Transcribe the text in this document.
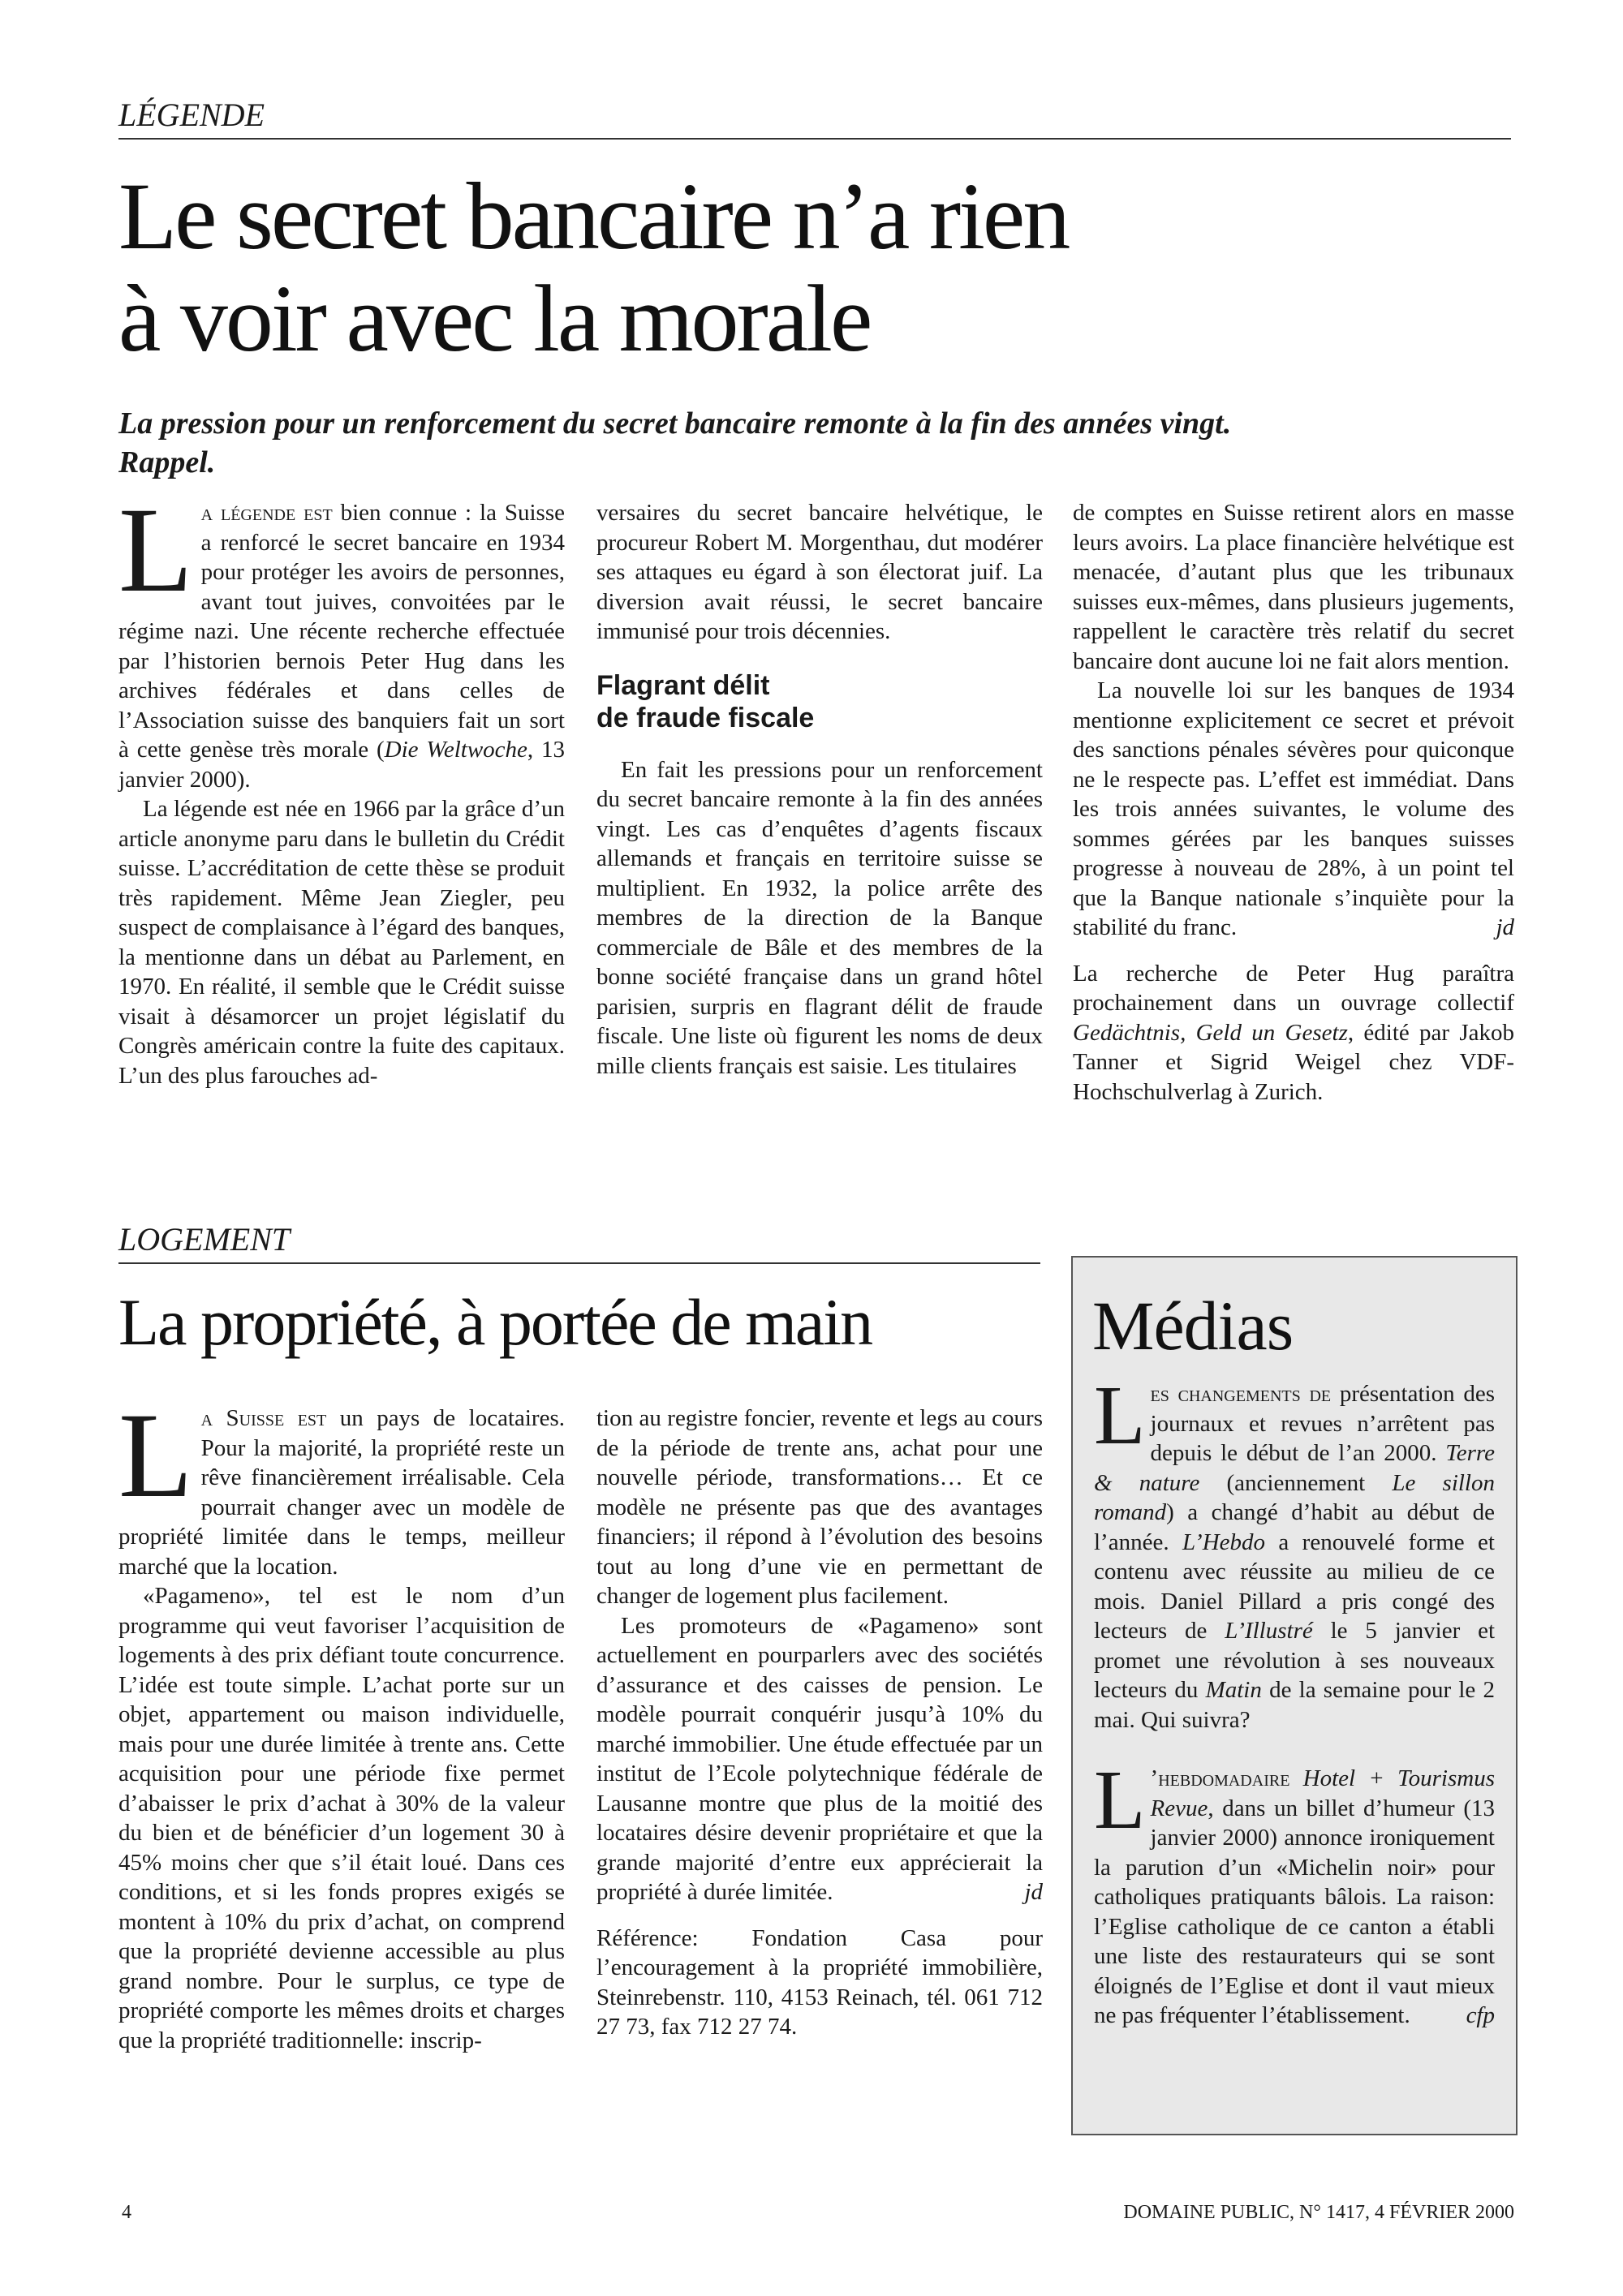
LÉGENDE
Le secret bancaire n’a rien
à voir avec la morale
La pression pour un renforcement du secret bancaire remonte à la fin des années vingt. Rappel.

La légende est bien connue : la Suisse a renforcé le secret bancaire en 1934 pour protéger les avoirs de personnes, avant tout juives, convoitées par le régime nazi. Une récente recherche effectuée par l’historien bernois Peter Hug dans les archives fédérales et dans celles de l’Association suisse des banquiers fait un sort à cette genèse très morale (Die Weltwoche, 13 janvier 2000).

La légende est née en 1966 par la grâce d’un article anonyme paru dans le bulletin du Crédit suisse. L’accréditation de cette thèse se produit très rapidement. Même Jean Ziegler, peu suspect de complaisance à l’égard des banques, la mentionne dans un débat au Parlement, en 1970. En réalité, il semble que le Crédit suisse visait à désamorcer un projet législatif du Congrès américain contre la fuite des capitaux. L’un des plus farouches ad-

versaires du secret bancaire helvétique, le procureur Robert M. Morgenthau, dut modérer ses attaques eu égard à son électorat juif. La diversion avait réussi, le secret bancaire immunisé pour trois décennies.

Flagrant délit
de fraude fiscale

En fait les pressions pour un renforcement du secret bancaire remonte à la fin des années vingt. Les cas d’enquêtes d’agents fiscaux allemands et français en territoire suisse se multiplient. En 1932, la police arrête des membres de la direction de la Banque commerciale de Bâle et des membres de la bonne société française dans un grand hôtel parisien, surpris en flagrant délit de fraude fiscale. Une liste où figurent les noms de deux mille clients français est saisie. Les titulaires

de comptes en Suisse retirent alors en masse leurs avoirs. La place financière helvétique est menacée, d’autant plus que les tribunaux suisses eux-mêmes, dans plusieurs jugements, rappellent le caractère très relatif du secret bancaire dont aucune loi ne fait alors mention.

La nouvelle loi sur les banques de 1934 mentionne explicitement ce secret et prévoit des sanctions pénales sévères pour quiconque ne le respecte pas. L’effet est immédiat. Dans les trois années suivantes, le volume des sommes gérées par les banques suisses progresse à nouveau de 28%, à un point tel que la Banque nationale s’inquiète pour la stabilité du franc.	jd

La recherche de Peter Hug paraîtra prochainement dans un ouvrage collectif Gedächtnis, Geld un Gesetz, édité par Jakob Tanner et Sigrid Weigel chez VDF-Hochschulverlag à Zurich.

LOGEMENT
La propriété, à portée de main

La Suisse est un pays de locataires. Pour la majorité, la propriété reste un rêve financièrement irréalisable. Cela pourrait changer avec un modèle de propriété limitée dans le temps, meilleur marché que la location.

«Pagameno», tel est le nom d’un programme qui veut favoriser l’acquisition de logements à des prix défiant toute concurrence. L’idée est toute simple. L’achat porte sur un objet, appartement ou maison individuelle, mais pour une durée limitée à trente ans. Cette acquisition pour une période fixe permet d’abaisser le prix d’achat à 30% de la valeur du bien et de bénéficier d’un logement 30 à 45% moins cher que s’il était loué. Dans ces conditions, et si les fonds propres exigés se montent à 10% du prix d’achat, on comprend que la propriété devienne accessible au plus grand nombre. Pour le surplus, ce type de propriété comporte les mêmes droits et charges que la propriété traditionnelle: inscrip-

tion au registre foncier, revente et legs au cours de la période de trente ans, achat pour une nouvelle période, transformations… Et ce modèle ne présente pas que des avantages financiers; il répond à l’évolution des besoins tout au long d’une vie en permettant de changer de logement plus facilement.

Les promoteurs de «Pagameno» sont actuellement en pourparlers avec des sociétés d’assurance et des caisses de pension. Le modèle pourrait conquérir jusqu’à 10% du marché immobilier. Une étude effectuée par un institut de l’Ecole polytechnique fédérale de Lausanne montre que plus de la moitié des locataires désire devenir propriétaire et que la grande majorité d’entre eux apprécierait la propriété à durée limitée.	jd

Référence: Fondation Casa pour l’encouragement à la propriété immobilière, Steinrebenstr. 110, 4153 Reinach, tél. 061 712 27 73, fax 712 27 74.

Médias

Les changements de présentation des journaux et revues n’arrêtent pas depuis le début de l’an 2000. Terre & nature (anciennement Le sillon romand) a changé d’habit au début de l’année. L’Hebdo a renouvelé forme et contenu avec réussite au milieu de ce mois. Daniel Pillard a pris congé des lecteurs de L’Illustré le 5 janvier et promet une révolution à ses nouveaux lecteurs du Matin de la semaine pour le 2 mai. Qui suivra?

L ’hebdomadaire Hotel + Tourismus Revue, dans un billet d’humeur (13 janvier 2000) annonce ironiquement la parution d’un «Michelin noir» pour catholiques pratiquants bâlois. La raison: l’Eglise catholique de ce canton a établi une liste des restaurateurs qui se sont éloignés de l’Eglise et dont il vaut mieux ne pas fréquenter l’établissement. cfp

4	DOMAINE PUBLIC, N° 1417, 4 FÉVRIER 2000
